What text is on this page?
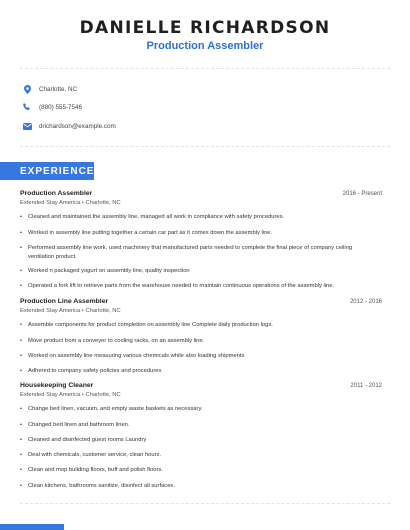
DANIELLE RICHARDSON
Production Assembler
Charlotte, NC
(880) 555-7546
drichardson@example.com
EXPERIENCE
Production Assembler	2016 - Present
Extended Stay America • Charlotte, NC
•	Cleaned and maintained the assembly line, managed all work in compliance with safety procedures.
•	Worked in assembly line putting together a certain car part as it comes down the assembly line.
•	Performed assembly line work, used machinery that manufactured parts needed to complete the final piece of company ceiling ventilation product.
•	Worked n packaged yogurt on assembly line, quality inspection
•	Operated a fork lift to retrieve parts from the warehouse needed to maintain continuous operations of the assembly line.
Production Line Assembler	2012 - 2016
Extended Stay America • Charlotte, NC
•	Assemble components for product completion on assembly line Complete daily production logs.
•	Move product from a conveyer to cooling racks, on an assembly line.
•	Worked on assembly line measuring various chemicals while also loading shipments
•	Adhered to company safety policies and procedures
Housekeeping Cleaner	2011 - 2012
Extended Stay America • Charlotte, NC
•	Change bed linen, vacuum, and empty waste baskets as necessary.
•	Changed bed linen and bathroom linen.
•	Cleaned and disinfected guest rooms Laundry
•	Deal with chemicals, customer service, clean hours.
•	Clean and mop building floors, buff and polish floors.
•	Clean kitchens, bathrooms sanitize, disinfect all surfaces.
